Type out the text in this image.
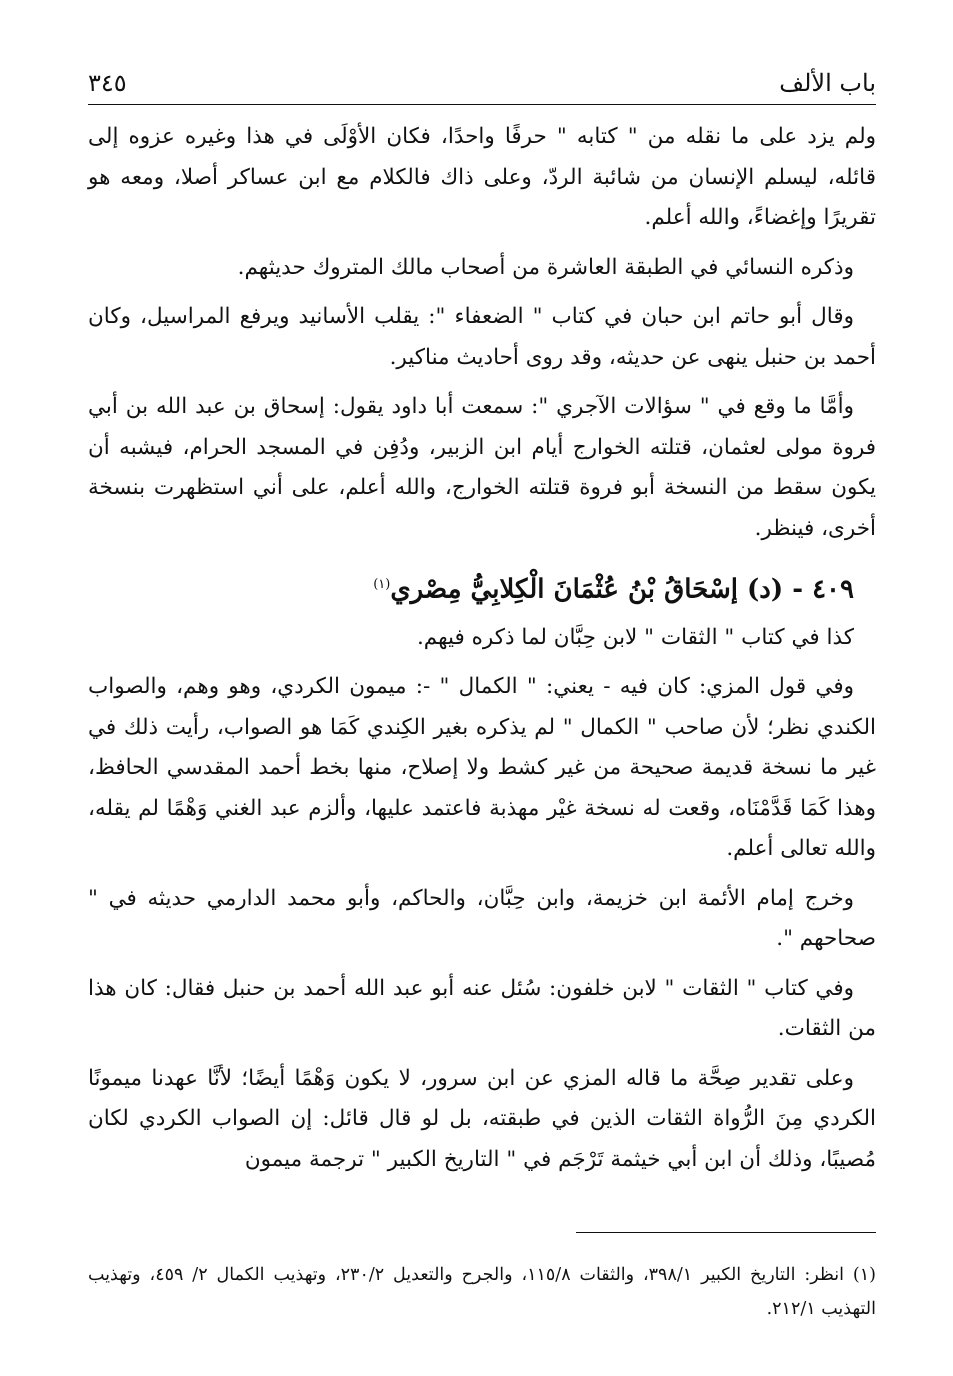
باب الألف
٣٤٥

ولم يزد على ما نقله من " كتابه " حرفًا واحدًا، فكان الأوْلَى في هذا وغيره عزوه إلى قائله، ليسلم الإنسان من شائبة الردّ، وعلى ذاك فالكلام مع ابن عساكر أصلا، ومعه هو تقريرًا وإغضاءً، والله أعلم.

وذكره النسائي في الطبقة العاشرة من أصحاب مالك المتروك حديثهم.

وقال أبو حاتم ابن حبان في كتاب " الضعفاء ": يقلب الأسانيد ويرفع المراسيل، وكان أحمد بن حنبل ينهى عن حديثه، وقد روى أحاديث مناكير.

وأمَّا ما وقع في " سؤالات الآجري ": سمعت أبا داود يقول: إسحاق بن عبد الله بن أبي فروة مولى لعثمان، قتلته الخوارج أيام ابن الزبير، ودُفِن في المسجد الحرام، فيشبه أن يكون سقط من النسخة أبو فروة قتلته الخوارج، والله أعلم، على أني استظهرت بنسخة أخرى، فينظر.

٤٠٩ - (د) إسْحَاقُ بْنُ عُثْمَانَ الْكِلابِيُّ مِصْري$^{(١)}$

كذا في كتاب " الثقات " لابن حِبَّان لما ذكره فيهم.

وفي قول المزي: كان فيه - يعني: " الكمال " -: ميمون الكردي، وهو وهم، والصواب الكندي نظر؛ لأن صاحب " الكمال " لم يذكره بغير الكِندي كَمَا هو الصواب، رأيت ذلك في غير ما نسخة قديمة صحيحة من غير كشط ولا إصلاح، منها بخط أحمد المقدسي الحافظ، وهذا كَمَا قَدَّمْنَاه، وقعت له نسخة غيْر مهذبة فاعتمد عليها، وألزم عبد الغني وَهْمًا لم يقله، والله تعالى أعلم.

وخرج إمام الأئمة ابن خزيمة، وابن حِبَّان، والحاكم، وأبو محمد الدارمي حديثه في " صحاحهم ".

وفي كتاب " الثقات " لابن خلفون: سُئل عنه أبو عبد الله أحمد بن حنبل فقال: كان هذا من الثقات.

وعلى تقدير صِحَّة ما قاله المزي عن ابن سرور، لا يكون وَهْمًا أيضًا؛ لأنَّا عهدنا ميمونًا الكردي مِنَ الرُّواة الثقات الذين في طبقته، بل لو قال قائل: إن الصواب الكردي لكان مُصيبًا، وذلك أن ابن أبي خيثمة تَرْجَم في " التاريخ الكبير " ترجمة ميمون

(١) انظر: التاريخ الكبير ٣٩٨/١، والثقات ١١٥/٨، والجرح والتعديل ٢٣٠/٢، وتهذيب الكمال ٢/ ٤٥٩، وتهذيب التهذيب ٢١٢/١.
